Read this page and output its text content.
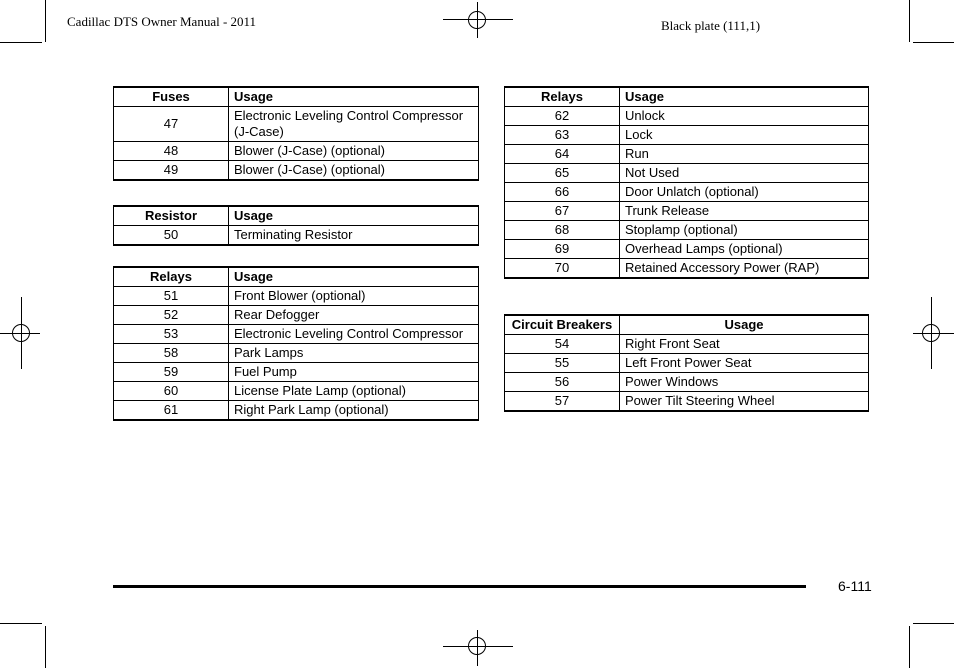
Cadillac DTS Owner Manual - 2011	Black plate (111,1)
Fuses	Usage
47	Electronic Leveling Control Compressor (J-Case)
48	Blower (J-Case) (optional)
49	Blower (J-Case) (optional)
Resistor	Usage
50	Terminating Resistor
Relays	Usage
51	Front Blower (optional)
52	Rear Defogger
53	Electronic Leveling Control Compressor
58	Park Lamps
59	Fuel Pump
60	License Plate Lamp (optional)
61	Right Park Lamp (optional)
Relays	Usage
62	Unlock
63	Lock
64	Run
65	Not Used
66	Door Unlatch (optional)
67	Trunk Release
68	Stoplamp (optional)
69	Overhead Lamps (optional)
70	Retained Accessory Power (RAP)
Circuit Breakers	Usage
54	Right Front Seat
55	Left Front Power Seat
56	Power Windows
57	Power Tilt Steering Wheel
6-111
